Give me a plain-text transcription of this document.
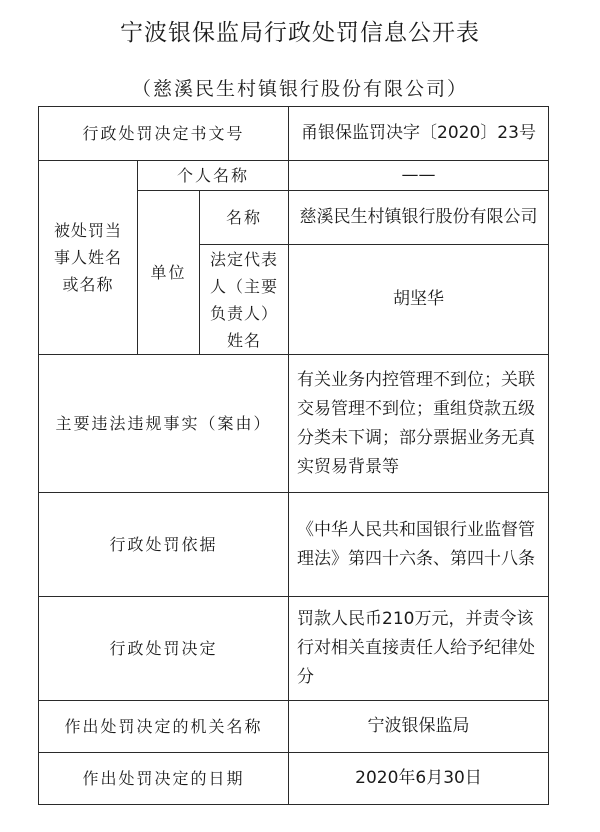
宁波银保监局行政处罚信息公开表
（慈溪民生村镇银行股份有限公司）
行政处罚决定书文号			甬银保监罚决字〔2020〕23号
被处罚当事人姓名或名称	个人名称		——
	单位	名称	慈溪民生村镇银行股份有限公司
		法定代表人（主要负责人）姓名	胡坚华
主要违法违规事实（案由）			有关业务内控管理不到位；关联交易管理不到位；重组贷款五级分类未下调；部分票据业务无真实贸易背景等
行政处罚依据			《中华人民共和国银行业监督管理法》第四十六条、第四十八条
行政处罚决定			罚款人民币210万元，并责令该行对相关直接责任人给予纪律处分
作出处罚决定的机关名称			宁波银保监局
作出处罚决定的日期			2020年6月30日
